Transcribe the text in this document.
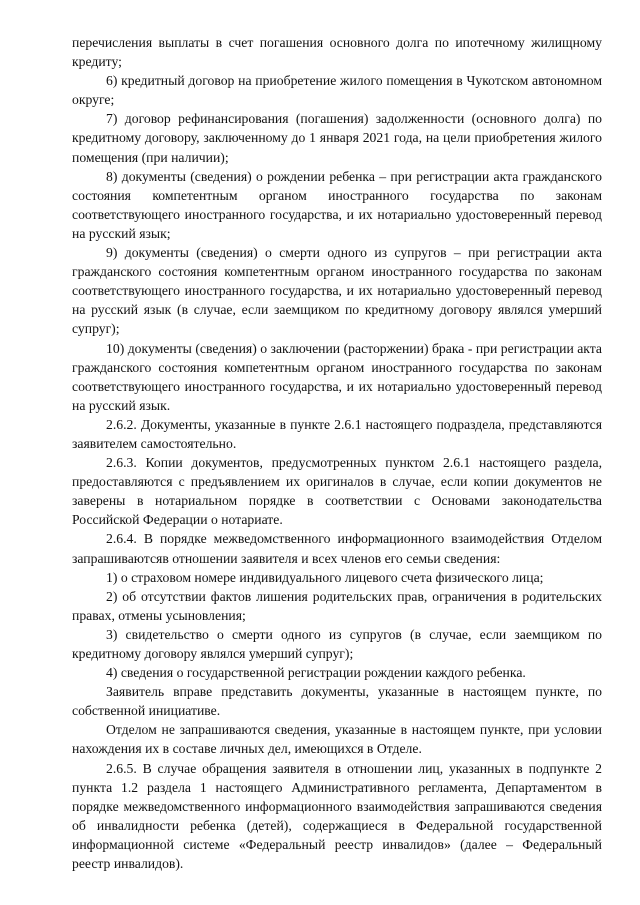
перечисления выплаты в счет погашения основного долга по ипотечному жилищному кредиту;

6) кредитный договор на приобретение жилого помещения в Чукотском автономном округе;

7) договор рефинансирования (погашения) задолженности (основного долга) по кредитному договору, заключенному до 1 января 2021 года, на цели приобретения жилого помещения (при наличии);

8) документы (сведения) о рождении ребенка – при регистрации акта гражданского состояния компетентным органом иностранного государства по законам соответствующего иностранного государства, и их нотариально удостоверенный перевод на русский язык;

9) документы (сведения) о смерти одного из супругов – при регистрации акта гражданского состояния компетентным органом иностранного государства по законам соответствующего иностранного государства, и их нотариально удостоверенный перевод на русский язык (в случае, если заемщиком по кредитному договору являлся умерший супруг);

10) документы (сведения) о заключении (расторжении) брака - при регистрации акта гражданского состояния компетентным органом иностранного государства по законам соответствующего иностранного государства, и их нотариально удостоверенный перевод на русский язык.

2.6.2. Документы, указанные в пункте 2.6.1 настоящего подраздела, представляются заявителем самостоятельно.

2.6.3. Копии документов, предусмотренных пунктом 2.6.1 настоящего раздела, предоставляются с предъявлением их оригиналов в случае, если копии документов не заверены в нотариальном порядке в соответствии с Основами законодательства Российской Федерации о нотариате.

2.6.4. В порядке межведомственного информационного взаимодействия Отделом запрашиваютсяв отношении заявителя и всех членов его семьи сведения:

1) о страховом номере индивидуального лицевого счета физического лица;

2) об отсутствии фактов лишения родительских прав, ограничения в родительских правах, отмены усыновления;

3) свидетельство о смерти одного из супругов (в случае, если заемщиком по кредитному договору являлся умерший супруг);

4) сведения о государственной регистрации рождении каждого ребенка.

Заявитель вправе представить документы, указанные в настоящем пункте, по собственной инициативе.

Отделом не запрашиваются сведения, указанные в настоящем пункте, при условии нахождения их в составе личных дел, имеющихся в Отделе.

2.6.5. В случае обращения заявителя в отношении лиц, указанных в подпункте 2 пункта 1.2 раздела 1 настоящего Административного регламента, Департаментом в порядке межведомственного информационного взаимодействия запрашиваются сведения об инвалидности ребенка (детей), содержащиеся в Федеральной государственной информационной системе «Федеральный реестр инвалидов» (далее – Федеральный реестр инвалидов).
